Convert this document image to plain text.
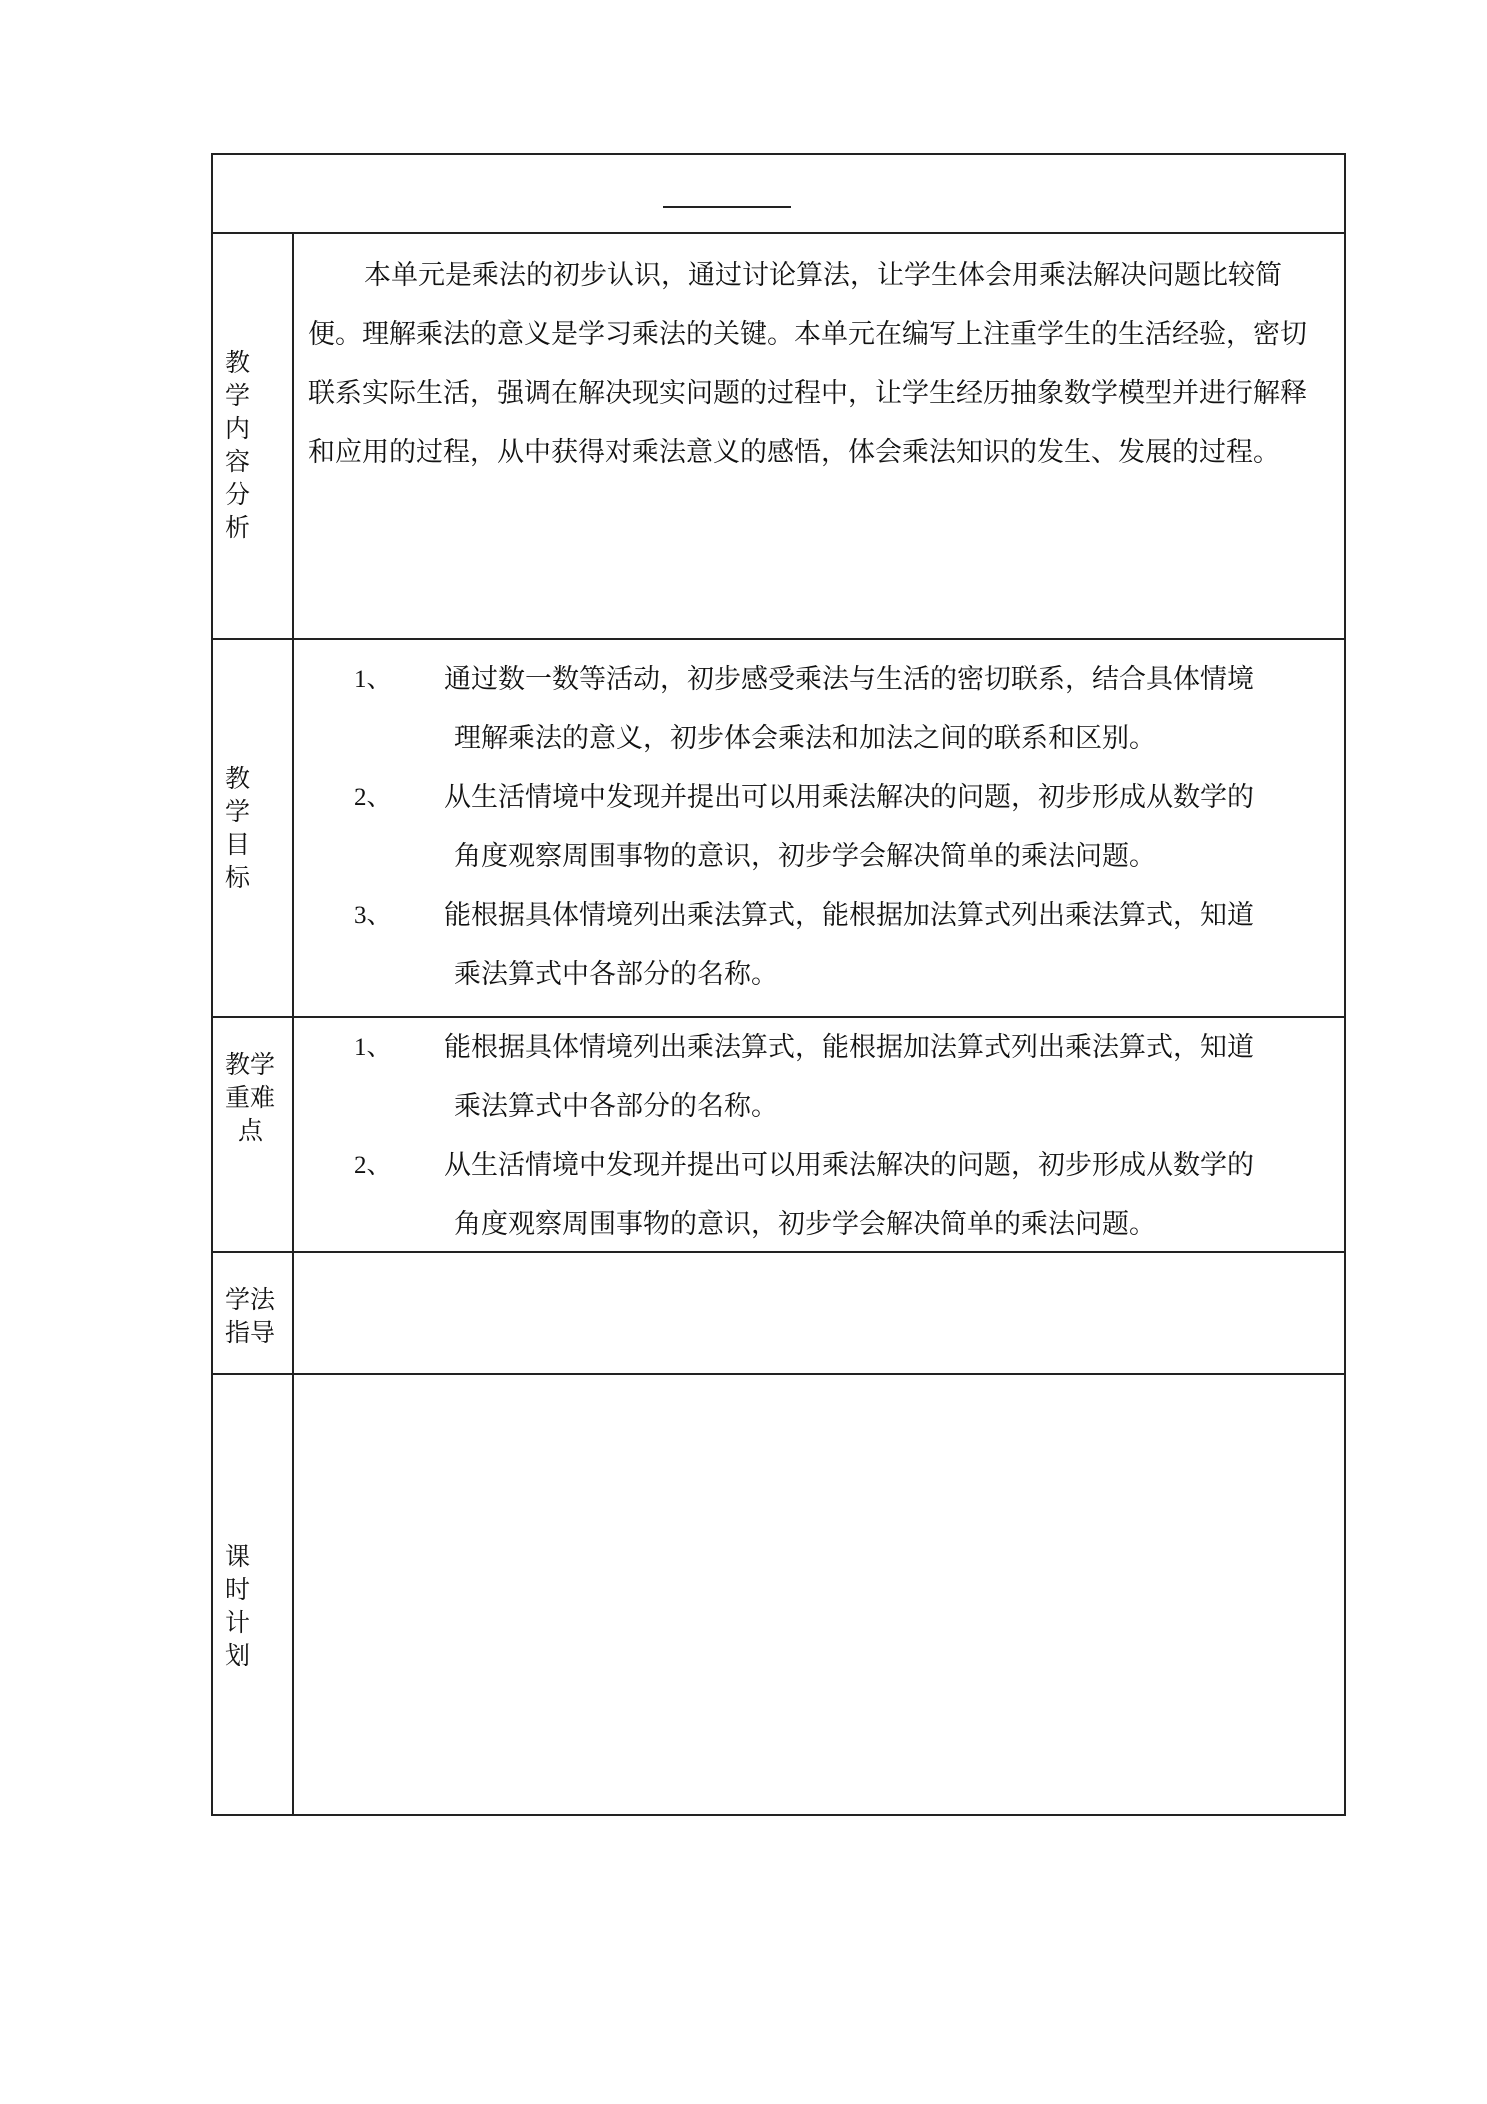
教
学
内
容
分
析

本单元是乘法的初步认识，通过讨论算法，让学生体会用乘法解决问题比较简便。理解乘法的意义是学习乘法的关键。本单元在编写上注重学生的生活经验，密切联系实际生活，强调在解决现实问题的过程中，让学生经历抽象数学模型并进行解释和应用的过程，从中获得对乘法意义的感悟，体会乘法知识的发生、发展的过程。

教
学
目
标
1、 通过数一数等活动，初步感受乘法与生活的密切联系，结合具体情境
理解乘法的意义，初步体会乘法和加法之间的联系和区别。
2、 从生活情境中发现并提出可以用乘法解决的问题，初步形成从数学的
角度观察周围事物的意识，初步学会解决简单的乘法问题。
3、 能根据具体情境列出乘法算式，能根据加法算式列出乘法算式，知道
乘法算式中各部分的名称。
教学
重难
点
1、 能根据具体情境列出乘法算式，能根据加法算式列出乘法算式，知道
乘法算式中各部分的名称。
2、 从生活情境中发现并提出可以用乘法解决的问题，初步形成从数学的
角度观察周围事物的意识，初步学会解决简单的乘法问题。
学法
指导

课
时
计
划
